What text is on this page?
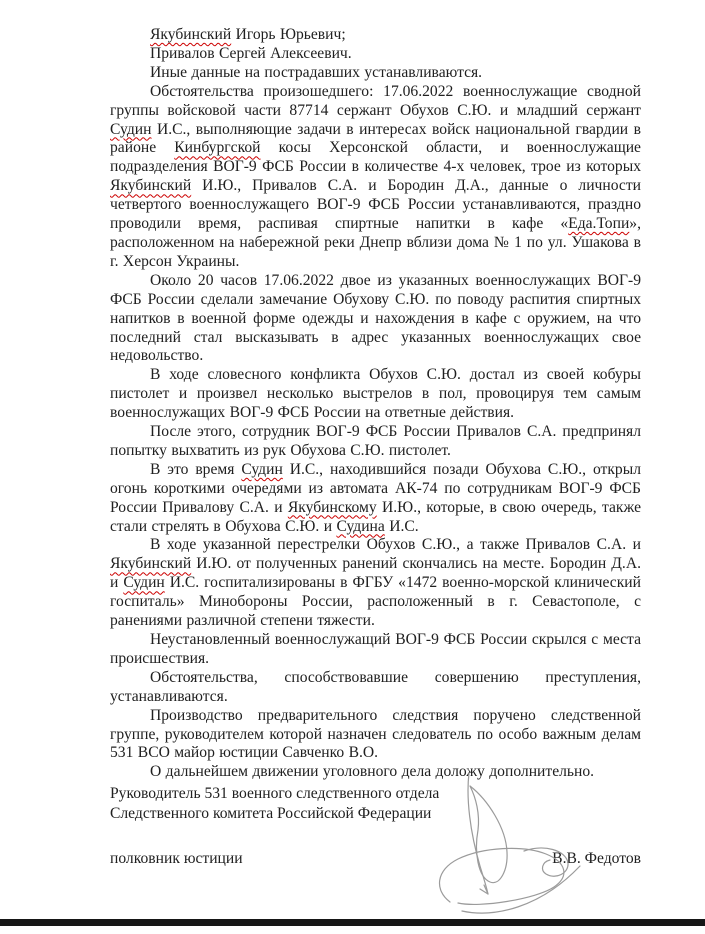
Якубинский Игорь Юрьевич;

Привалов Сергей Алексеевич.

Иные данные на пострадавших устанавливаются.

Обстоятельства произошедшего: 17.06.2022 военнослужащие сводной группы войсковой части 87714 сержант Обухов С.Ю. и младший сержант Судин И.С., выполняющие задачи в интересах войск национальной гвардии в районе Кинбургской косы Херсонской области, и военнослужащие подразделения ВОГ-9 ФСБ России в количестве 4-х человек, трое из которых Якубинский И.Ю., Привалов С.А. и Бородин Д.А., данные о личности четвертого военнослужащего ВОГ-9 ФСБ России устанавливаются, праздно проводили время, распивая спиртные напитки в кафе «Еда.Топи», расположенном на набережной реки Днепр вблизи дома № 1 по ул. Ушакова в г. Херсон Украины.

Около 20 часов 17.06.2022 двое из указанных военнослужащих ВОГ-9 ФСБ России сделали замечание Обухову С.Ю. по поводу распития спиртных напитков в военной форме одежды и нахождения в кафе с оружием, на что последний стал высказывать в адрес указанных военнослужащих свое недовольство.

В ходе словесного конфликта Обухов С.Ю. достал из своей кобуры пистолет и произвел несколько выстрелов в пол, провоцируя тем самым военнослужащих ВОГ-9 ФСБ России на ответные действия.

После этого, сотрудник ВОГ-9 ФСБ России Привалов С.А. предпринял попытку выхватить из рук Обухова С.Ю. пистолет.

В это время Судин И.С., находившийся позади Обухова С.Ю., открыл огонь короткими очередями из автомата АК-74 по сотрудникам ВОГ-9 ФСБ России Привалову С.А. и Якубинскому И.Ю., которые, в свою очередь, также стали стрелять в Обухова С.Ю. и Судина И.С.

В ходе указанной перестрелки Обухов С.Ю., а также Привалов С.А. и Якубинский И.Ю. от полученных ранений скончались на месте. Бородин Д.А. и Судин И.С. госпитализированы в ФГБУ «1472 военно-морской клинический госпиталь» Минобороны России, расположенный в г. Севастополе, с ранениями различной степени тяжести.

Неустановленный военнослужащий ВОГ-9 ФСБ России скрылся с места происшествия.

Обстоятельства, способствовавшие совершению преступления, устанавливаются.

Производство предварительного следствия поручено следственной группе, руководителем которой назначен следователь по особо важным делам 531 ВСО майор юстиции Савченко В.О.

О дальнейшем движении уголовного дела доложу дополнительно.

Руководитель 531 военного следственного отдела

Следственного комитета Российской Федерации

полковник юстиции	В.В. Федотов
